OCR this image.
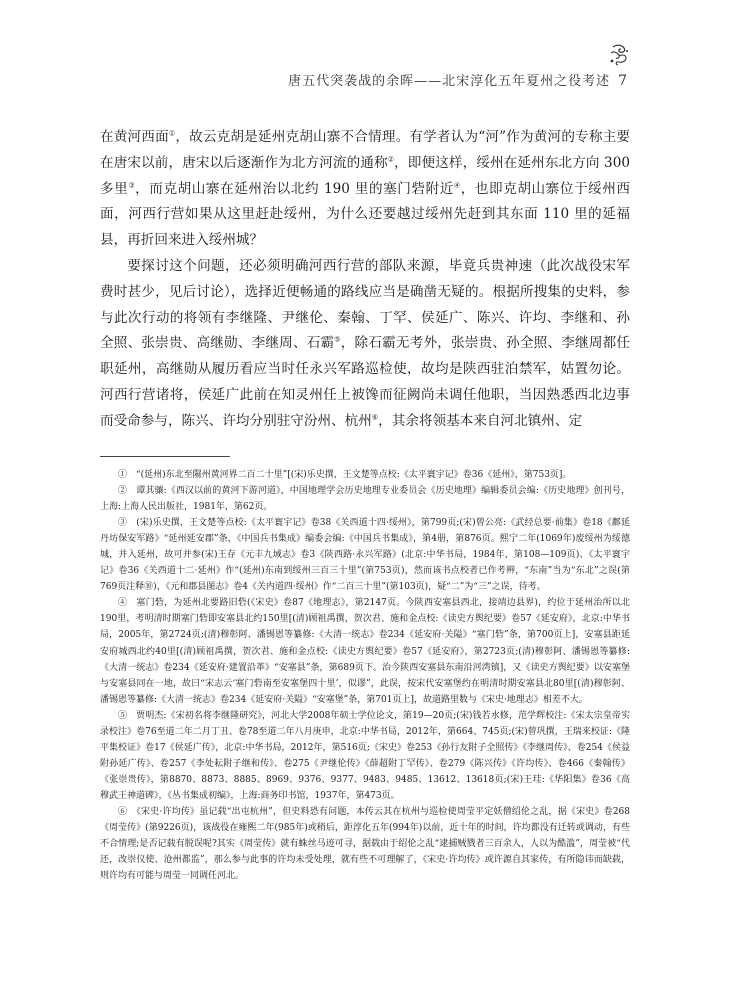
唐五代突袭战的余晖——北宋淳化五年夏州之役考述 7

在黄河西面①，故云克胡是延州克胡山寨不合情理。有学者认为“河”作为黄河的专称主要在唐宋以前，唐宋以后逐渐作为北方河流的通称②，即便这样，绥州在延州东北方向 300 多里③，而克胡山寨在延州治以北约 190 里的塞门砦附近④，也即克胡山寨位于绥州西面，河西行营如果从这里赶赴绥州，为什么还要越过绥州先赶到其东面 110 里的延福县，再折回来进入绥州城？

要探讨这个问题，还必须明确河西行营的部队来源，毕竟兵贵神速（此次战役宋军费时甚少，见后讨论），选择近便畅通的路线应当是确凿无疑的。根据所搜集的史料，参与此次行动的将领有李继隆、尹继伦、秦翰、丁罕、侯延广、陈兴、许均、李继和、孙全照、张崇贵、高继勋、李继周、石霸⑤，除石霸无考外，张崇贵、孙全照、李继周都任职延州，高继勋从履历看应当时任永兴军路巡检使，故均是陕西驻泊禁军，姑置勿论。河西行营诸将，侯延广此前在知灵州任上被馋而征阙尚未调任他职，当因熟悉西北边事而受命参与，陈兴、许均分别驻守汾州、杭州⑥，其余将领基本来自河北镇州、定

①　“(延州)东北至隰州黄河界二百二十里”[(宋)乐史撰，王文楚等点校:《太平寰宇记》卷36《延州》，第753页]。

②　谭其骧:《西汉以前的黄河下游河道》，中国地理学会历史地理专业委员会《历史地理》编辑委员会编:《历史地理》创刊号，上海:上海人民出版社，1981年，第62页。

③　(宋)乐史撰，王文楚等点校:《太平寰宇记》卷38《关西道十四·绥州》，第799页;(宋)曾公亮:《武经总要·前集》卷18《鄜延丹坊保安军路》“延州延安郡”条，《中国兵书集成》编委会编:《中国兵书集成》，第4册，第876页。熙宁二年(1069年)废绥州为绥德城，并入延州，故可并参(宋)王存《元丰九域志》卷3《陕西路·永兴军路》(北京:中华书局，1984年，第108—109页)、《太平寰宇记》卷36《关西道十二·延州》作“(延州)东南到绥州三百三十里”(第753页)，然而该书点校者已作考辨，“东南”当为“东北”之误(第769页注释⑩)，《元和郡县图志》卷4《关内道四·绥州》作“二百三十里”(第103页)，疑“二”为“三”之误，待考。

④　塞门砦，为延州北要路旧砦(《宋史》卷87《地理志》，第2147页。今陕西安塞县西北，接靖边县界)，约位于延州治所以北190里，考明清时期塞门砦即安塞县北约150里[(清)顾祖禹撰，贺次君、施和金点校:《读史方舆纪要》卷57《延安府》，北京:中华书局，2005年，第2724页;(清)穆彰阿、潘锡恩等纂修:《大清一统志》卷234《延安府·关隘》“塞门砦”条，第700页上]，安塞县距延安府城西北约40里[(清)顾祖禹撰，贺次君、施和金点校:《读史方舆纪要》卷57《延安府》，第2723页;(清)穆彰阿、潘锡恩等纂修:《大清一统志》卷234《延安府·建置沿革》“安塞县”条，第689页下。治今陕西安塞县东南沿河湾镇]，又《读史方舆纪要》以安塞堡与安塞县同在一地，故曰“宋志云‘塞门砦南至安塞堡四十里’，似谬”，此误，按宋代安塞堡约在明清时期安塞县北80里[(清)穆彰阿、潘锡恩等纂修:《大清一统志》卷234《延安府·关隘》“安塞堡”条，第701页上]，故道路里数与《宋史·地理志》相差不大。

⑤　贾明杰:《宋初名将李继隆研究》，河北大学2008年硕士学位论文，第19—20页;(宋)钱若水修，范学辉校注:《宋太宗皇帝实录校注》卷76至道二年二月丁丑、卷78至道二年八月庚申，北京:中华书局，2012年，第664、745页;(宋)曾巩撰，王瑞来校证:《隆平集校证》卷17《侯延广传》，北京:中华书局，2012年，第516页;《宋史》卷253《孙行友附子全照传》《李继周传》、卷254《侯益附孙延广传》、卷257《李处耘附子继和传》、卷275《尹继伦传》《薛超附丁罕传》、卷279《陈兴传》《许均传》、卷466《秦翰传》《张崇贵传》，第8870、8873、8885、8969、9376、9377、9483、9485、13612、13618页;(宋)王珪:《华阳集》卷36《高穆武王神道碑》，《丛书集成初编》，上海:商务印书馆，1937年，第473页。

⑥　《宋史·许均传》虽记载“出屯杭州”，但史料恐有问题，本传云其在杭州与巡检使周莹平定妖僧绍伦之乱，据《宋史》卷268《周莹传》(第9226页)，该战役在雍熙二年(985年)或稍后，距淳化五年(994年)以前，近十年的时间，许均都没有迁转或调动，有些不合情理;是否记载有脱误呢?其实《周莹传》就有蛛丝马迹可寻，据载由于绍伦之乱“逮捕贼戮者三百余人，人以为酷滥”，周莹被“代还，改崇仪使、沧州都监”，那么参与此事的许均未受处理，就有些不可理解了，《宋史·许均传》或许源自其家传，有所隐讳而缺载，则许均有可能与周莹一同调任河北。
